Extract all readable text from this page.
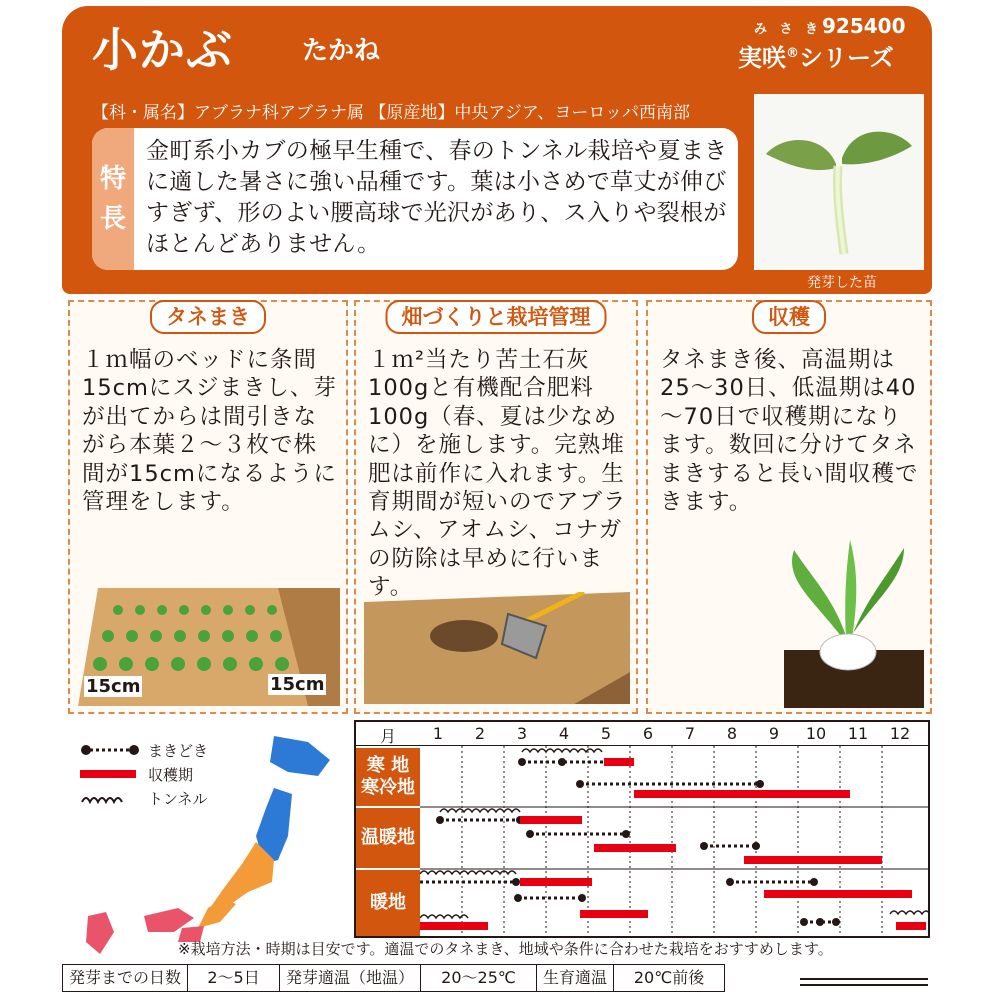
小かぶ	たかね
み さ き 925400
実咲®シリーズ
【科・属名】アブラナ科アブラナ属 【原産地】中央アジア、ヨーロッパ西南部
特
長
金町系小カブの極早生種で、春のトンネル栽培や夏まきに適した暑さに強い品種です。葉は小さめで草丈が伸びすぎず、形のよい腰高球で光沢があり、ス入りや裂根がほとんどありません。
発芽した苗
タネまき
１ｍ幅のベッドに条間15cmにスジまきし、芽が出てからは間引きながら本葉２～３枚で株間が15cmになるように管理をします。
15cm	15cm
畑づくりと栽培管理
１ｍ²当たり苦土石灰100gと有機配合肥料100g（春、夏は少なめに）を施します。完熟堆肥は前作に入れます。生育期間が短いのでアブラムシ、アオムシ、コナガの防除は早めに行います。
収穫
タネまき後、高温期は25～30日、低温期は40～70日で収穫期になります。数回に分けてタネまきすると長い間収穫できます。
まきどき
収穫期
トンネル
月	1	2	3	4	5	6	7	8	9	10	11	12
寒 地
寒冷地
温暖地
暖地
※栽培方法・時期は目安です。適温でのタネまき、地域や条件に合わせた栽培をおすすめします。
発芽までの日数	2～5日	発芽適温（地温）	20～25℃	生育適温	20℃前後
